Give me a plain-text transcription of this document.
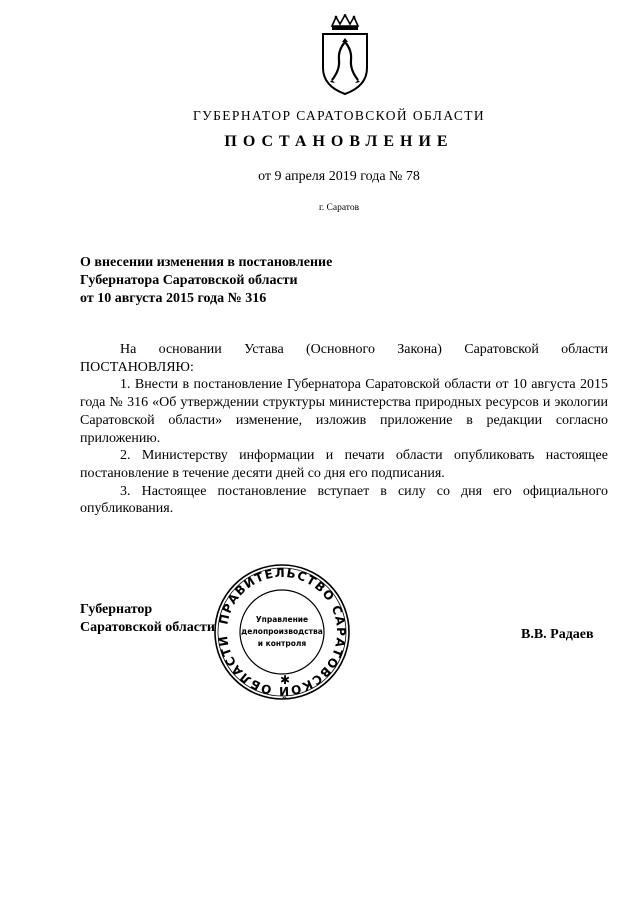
ГУБЕРНАТОР САРАТОВСКОЙ ОБЛАСТИ
ПОСТАНОВЛЕНИЕ
от 9 апреля 2019 года № 78
г. Саратов
О внесении изменения в постановление
Губернатора Саратовской области
от 10 августа 2015 года № 316

На основании Устава (Основного Закона) Саратовской области ПОСТАНОВЛЯЮ:

1. Внести в постановление Губернатора Саратовской области от 10 августа 2015 года № 316 «Об утверждении структуры министерства природных ресурсов и экологии Саратовской области» изменение, изложив приложение в редакции согласно приложению.

2. Министерству информации и печати области опубликовать настоящее постановление в течение десяти дней со дня его подписания.

3. Настоящее постановление вступает в силу со дня его официального опубликования.

Губернатор
Саратовской области
ПРАВИТЕЛЬСТВО САРАТОВСКОЙ ОБЛАСТИ
Управление
делопроизводства
и контроля
✱
В.В. Радаев
